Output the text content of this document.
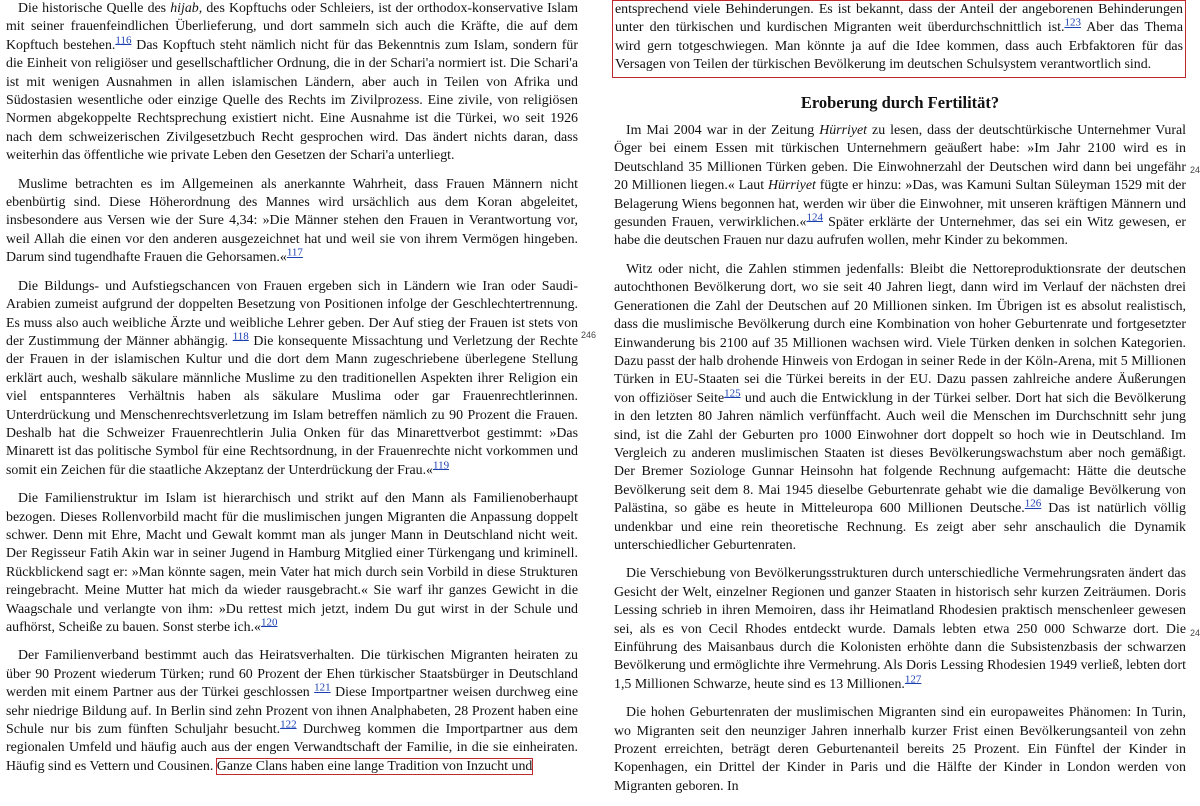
Die historische Quelle des hijab, des Kopftuchs oder Schleiers, ist der orthodox-konservative Islam mit seiner frauenfeindlichen Überlieferung, und dort sammeln sich auch die Kräfte, die auf dem Kopftuch bestehen.$^{116}$ Das Kopftuch steht nämlich nicht für das Bekenntnis zum Islam, sondern für die Einheit von religiöser und gesellschaftlicher Ordnung, die in der Schari'a normiert ist. Die Schari'a ist mit wenigen Ausnahmen in allen islamischen Ländern, aber auch in Teilen von Afrika und Südostasien wesentliche oder einzige Quelle des Rechts im Zivilprozess. Eine zivile, von religiösen Normen abgekoppelte Rechtsprechung existiert nicht. Eine Ausnahme ist die Türkei, wo seit 1926 nach dem schweizerischen Zivilgesetzbuch Recht gesprochen wird. Das ändert nichts daran, dass weiterhin das öffentliche wie private Leben den Gesetzen der Schari'a unterliegt.

Muslime betrachten es im Allgemeinen als anerkannte Wahrheit, dass Frauen Männern nicht ebenbürtig sind. Diese Höherordnung des Mannes wird ursächlich aus dem Koran abgeleitet, insbesondere aus Versen wie der Sure 4,34: »Die Männer stehen den Frauen in Verantwortung vor, weil Allah die einen vor den anderen ausgezeichnet hat und weil sie von ihrem Vermögen hingeben. Darum sind tugendhafte Frauen die Gehorsamen.«$^{117}$

Die Bildungs- und Aufstiegschancen von Frauen ergeben sich in Ländern wie Iran oder Saudi-Arabien zumeist aufgrund der doppelten Besetzung von Positionen infolge der Geschlechtertrennung. Es muss also auch weibliche Ärzte und weibliche Lehrer geben. Der Auf stieg der Frauen ist stets von der Zustimmung der Männer abhängig. $^{118}$ Die konsequente Missachtung und Verletzung der Rechte der Frauen in der islamischen Kultur und die dort dem Mann zugeschriebene überlegene Stellung erklärt auch, weshalb säkulare männliche Muslime zu den traditionellen Aspekten ihrer Religion ein viel entspannteres Verhältnis haben als säkulare Muslima oder gar Frauenrechtlerinnen. Unterdrückung und Menschenrechtsverletzung im Islam betreffen nämlich zu 90 Prozent die Frauen. Deshalb hat die Schweizer Frauenrechtlerin Julia Onken für das Minarettverbot gestimmt: »Das Minarett ist das politische Symbol für eine Rechtsordnung, in der Frauenrechte nicht vorkommen und somit ein Zeichen für die staatliche Akzeptanz der Unterdrückung der Frau.«$^{119}$

Die Familienstruktur im Islam ist hierarchisch und strikt auf den Mann als Familienoberhaupt bezogen. Dieses Rollenvorbild macht für die muslimischen jungen Migranten die Anpassung doppelt schwer. Denn mit Ehre, Macht und Gewalt kommt man als junger Mann in Deutschland nicht weit. Der Regisseur Fatih Akin war in seiner Jugend in Hamburg Mitglied einer Türkengang und kriminell. Rückblickend sagt er: »Man könnte sagen, mein Vater hat mich durch sein Vorbild in diese Strukturen reingebracht. Meine Mutter hat mich da wieder rausgebracht.« Sie warf ihr ganzes Gewicht in die Waagschale und verlangte von ihm: »Du rettest mich jetzt, indem Du gut wirst in der Schule und aufhörst, Scheiße zu bauen. Sonst sterbe ich.«$^{120}$

Der Familienverband bestimmt auch das Heiratsverhalten. Die türkischen Migranten heiraten zu über 90 Prozent wiederum Türken; rund 60 Prozent der Ehen türkischer Staatsbürger in Deutschland werden mit einem Partner aus der Türkei geschlossen $^{121}$ Diese Importpartner weisen durchweg eine sehr niedrige Bildung auf. In Berlin sind zehn Prozent von ihnen Analphabeten, 28 Prozent haben eine Schule nur bis zum fünften Schuljahr besucht.$^{122}$ Durchweg kommen die Importpartner aus dem regionalen Umfeld und häufig auch aus der engen Verwandtschaft der Familie, in die sie einheiraten. Häufig sind es Vettern und Cousinen. Ganze Clans haben eine lange Tradition von Inzucht und

246

entsprechend viele Behinderungen. Es ist bekannt, dass der Anteil der angeborenen Behinderungen unter den türkischen und kurdischen Migranten weit überdurchschnittlich ist.$^{123}$ Aber das Thema wird gern totgeschwiegen. Man könnte ja auf die Idee kommen, dass auch Erbfaktoren für das Versagen von Teilen der türkischen Bevölkerung im deutschen Schulsystem verantwortlich sind.

Eroberung durch Fertilität?

Im Mai 2004 war in der Zeitung Hürriyet zu lesen, dass der deutschtürkische Unternehmer Vural Öger bei einem Essen mit türkischen Unternehmern geäußert habe: »Im Jahr 2100 wird es in Deutschland 35 Millionen Türken geben. Die Einwohnerzahl der Deutschen wird dann bei ungefähr 20 Millionen liegen.« Laut Hürriyet fügte er hinzu: »Das, was Kamuni Sultan Süleyman 1529 mit der Belagerung Wiens begonnen hat, werden wir über die Einwohner, mit unseren kräftigen Männern und gesunden Frauen, verwirklichen.«$^{124}$ Später erklärte der Unternehmer, das sei ein Witz gewesen, er habe die deutschen Frauen nur dazu aufrufen wollen, mehr Kinder zu bekommen.

Witz oder nicht, die Zahlen stimmen jedenfalls: Bleibt die Nettoreproduktionsrate der deutschen autochthonen Bevölkerung dort, wo sie seit 40 Jahren liegt, dann wird im Verlauf der nächsten drei Generationen die Zahl der Deutschen auf 20 Millionen sinken. Im Übrigen ist es absolut realistisch, dass die muslimische Bevölkerung durch eine Kombination von hoher Geburtenrate und fortgesetzter Einwanderung bis 2100 auf 35 Millionen wachsen wird. Viele Türken denken in solchen Kategorien. Dazu passt der halb drohende Hinweis von Erdogan in seiner Rede in der Köln-Arena, mit 5 Millionen Türken in EU-Staaten sei die Türkei bereits in der EU. Dazu passen zahlreiche andere Äußerungen von offiziöser Seite$^{125}$ und auch die Entwicklung in der Türkei selber. Dort hat sich die Bevölkerung in den letzten 80 Jahren nämlich verfünffacht. Auch weil die Menschen im Durchschnitt sehr jung sind, ist die Zahl der Geburten pro 1000 Einwohner dort doppelt so hoch wie in Deutschland. Im Vergleich zu anderen muslimischen Staaten ist dieses Bevölkerungswachstum aber noch gemäßigt. Der Bremer Soziologe Gunnar Heinsohn hat folgende Rechnung aufgemacht: Hätte die deutsche Bevölkerung seit dem 8. Mai 1945 dieselbe Geburtenrate gehabt wie die damalige Bevölkerung von Palästina, so gäbe es heute in Mitteleuropa 600 Millionen Deutsche.$^{126}$ Das ist natürlich völlig undenkbar und eine rein theoretische Rechnung. Es zeigt aber sehr anschaulich die Dynamik unterschiedlicher Geburtenraten.

Die Verschiebung von Bevölkerungsstrukturen durch unterschiedliche Vermehrungsraten ändert das Gesicht der Welt, einzelner Regionen und ganzer Staaten in historisch sehr kurzen Zeiträumen. Doris Lessing schrieb in ihren Memoiren, dass ihr Heimatland Rhodesien praktisch menschenleer gewesen sei, als es von Cecil Rhodes entdeckt wurde. Damals lebten etwa 250 000 Schwarze dort. Die Einführung des Maisanbaus durch die Kolonisten erhöhte dann die Subsistenzbasis der schwarzen Bevölkerung und ermöglichte ihre Vermehrung. Als Doris Lessing Rhodesien 1949 verließ, lebten dort 1,5 Millionen Schwarze, heute sind es 13 Millionen.$^{127}$

Die hohen Geburtenraten der muslimischen Migranten sind ein europaweites Phänomen: In Turin, wo Migranten seit den neunziger Jahren innerhalb kurzer Frist einen Bevölkerungsanteil von zehn Prozent erreichten, beträgt deren Geburtenanteil bereits 25 Prozent. Ein Fünftel der Kinder in Kopenhagen, ein Drittel der Kinder in Paris und die Hälfte der Kinder in London werden von Migranten geboren. In

24
24
